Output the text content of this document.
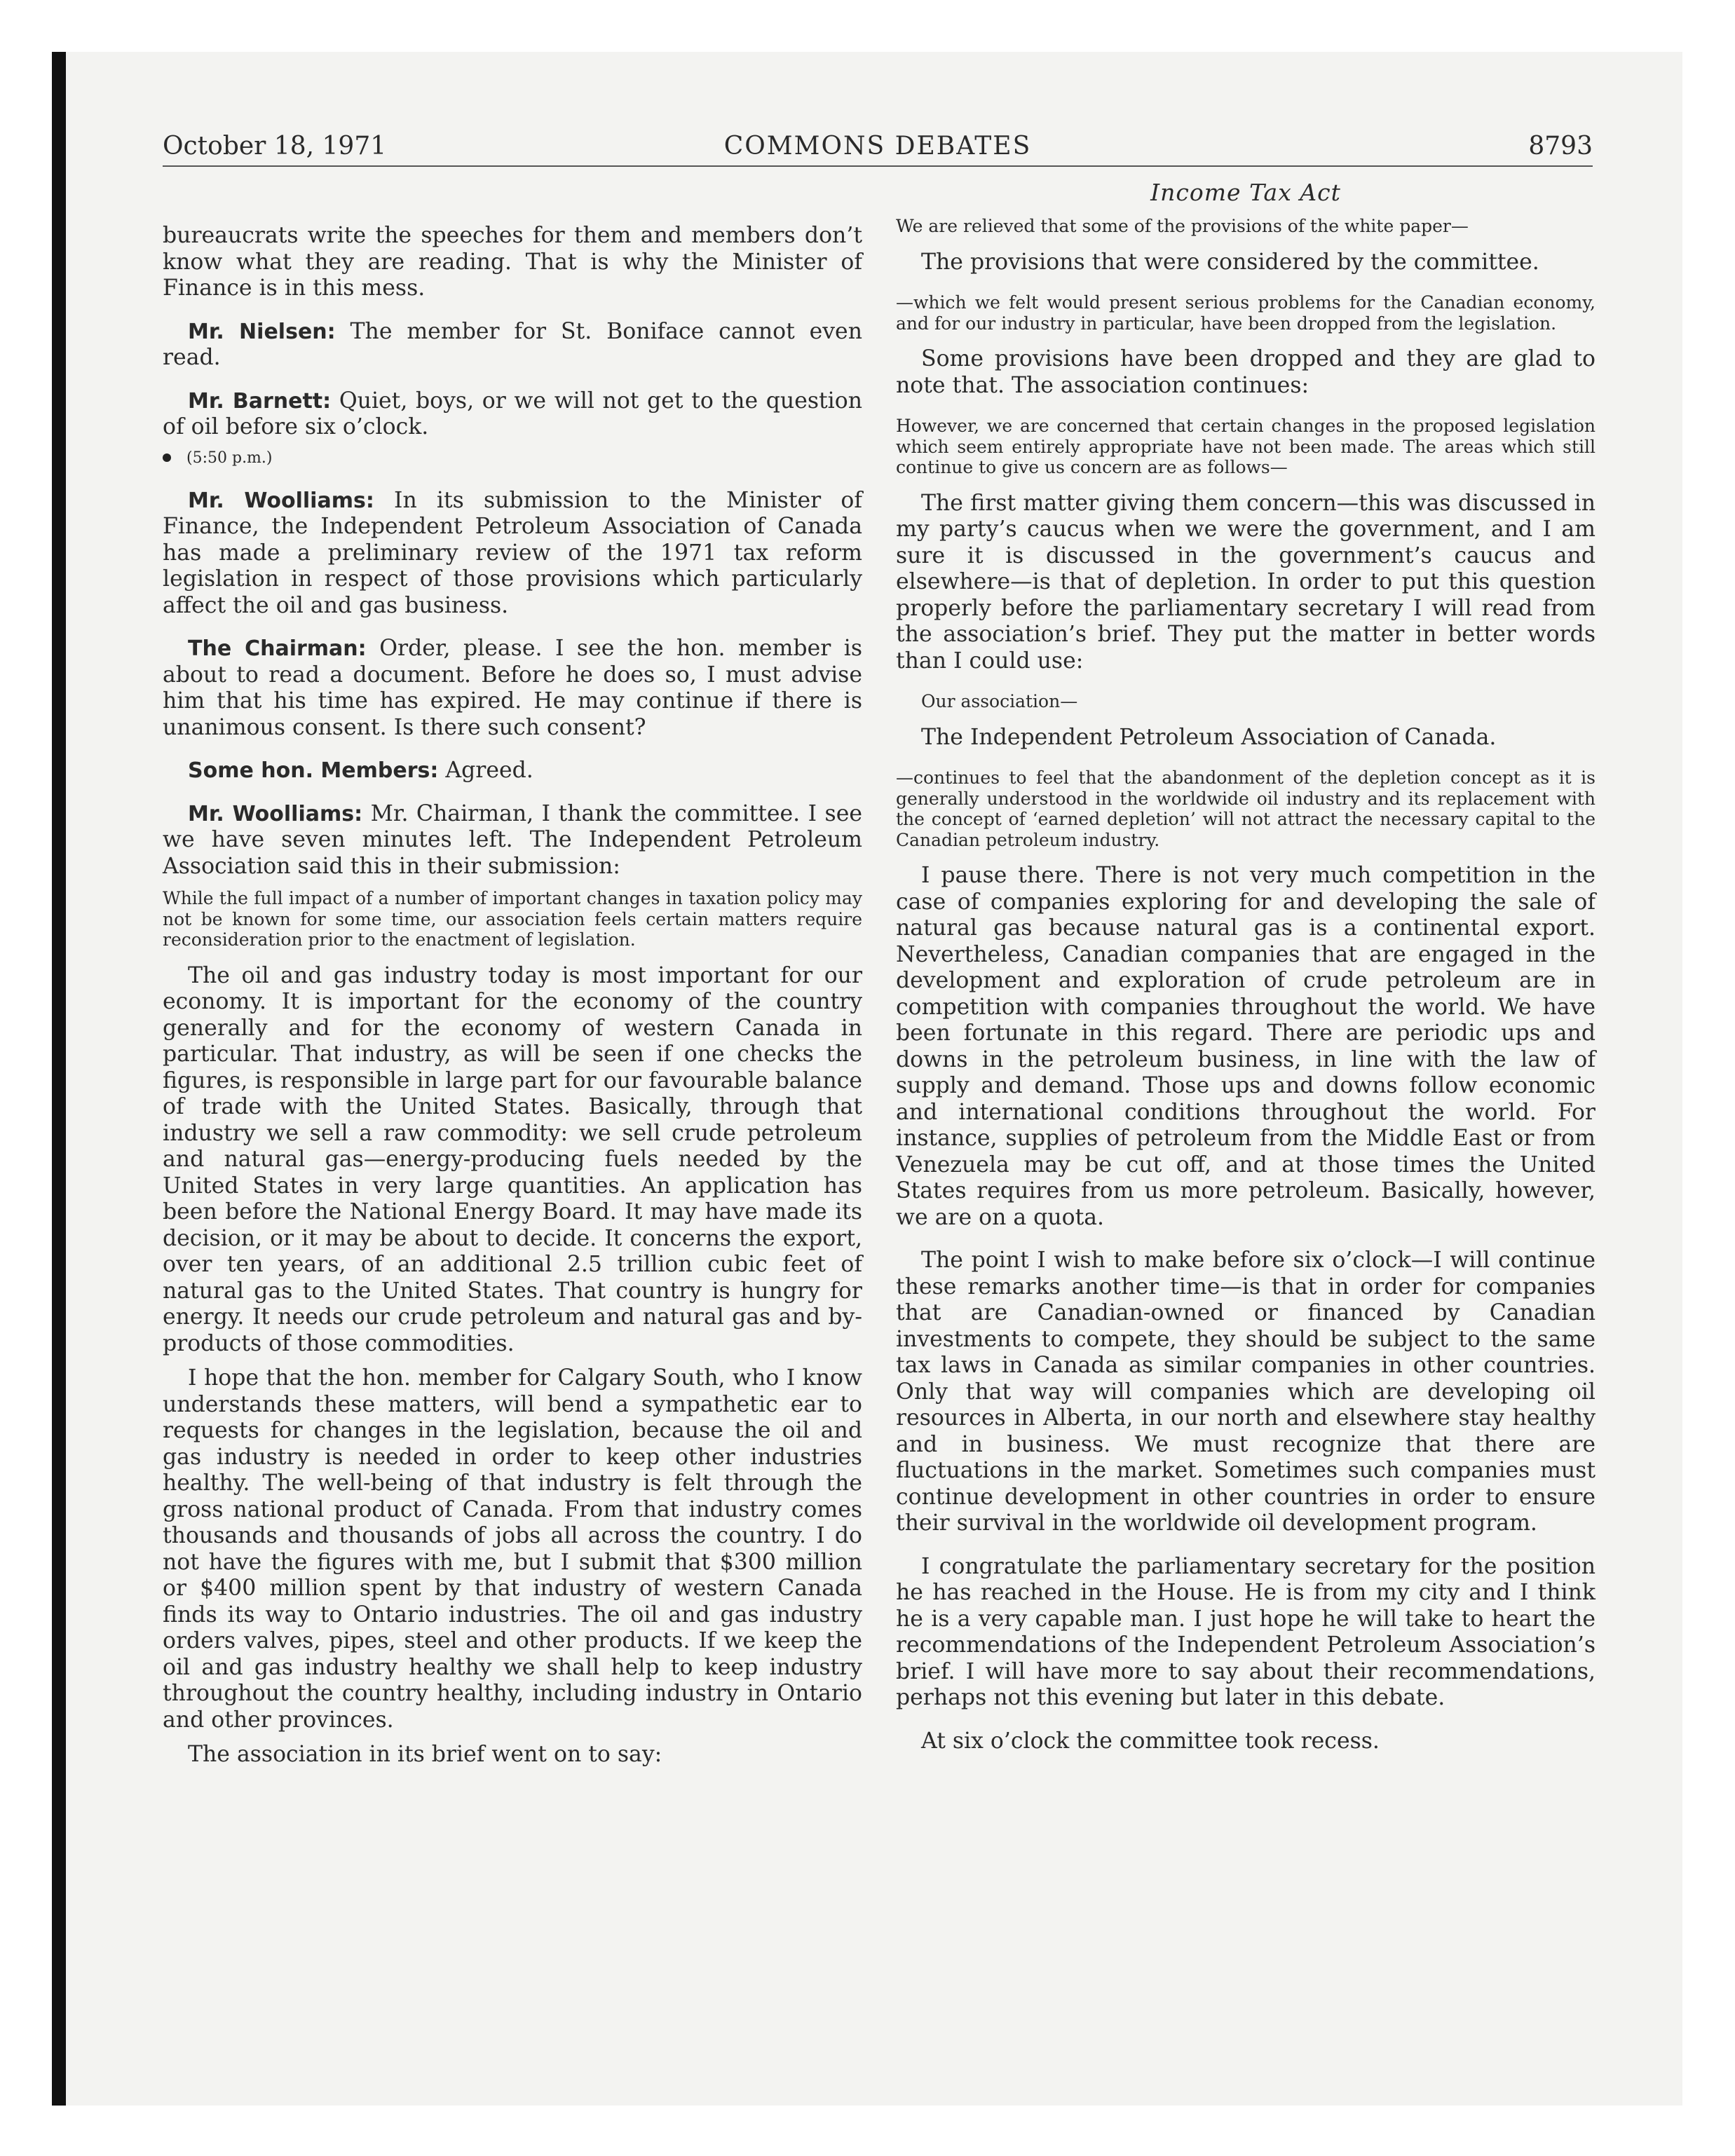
October 18, 1971	COMMONS DEBATES	8793

bureaucrats write the speeches for them and members don’t know what they are reading. That is why the Minister of Finance is in this mess.

Mr. Nielsen: The member for St. Boniface cannot even read.

Mr. Barnett: Quiet, boys, or we will not get to the question of oil before six o’clock.

(5:50 p.m.)

Mr. Woolliams: In its submission to the Minister of Finance, the Independent Petroleum Association of Canada has made a preliminary review of the 1971 tax reform legislation in respect of those provisions which particularly affect the oil and gas business.

The Chairman: Order, please. I see the hon. member is about to read a document. Before he does so, I must advise him that his time has expired. He may continue if there is unanimous consent. Is there such consent?

Some hon. Members: Agreed.

Mr. Woolliams: Mr. Chairman, I thank the committee. I see we have seven minutes left. The Independent Petroleum Association said this in their submission:

While the full impact of a number of important changes in taxation policy may not be known for some time, our association feels certain matters require reconsideration prior to the enactment of legislation.

The oil and gas industry today is most important for our economy. It is important for the economy of the country generally and for the economy of western Canada in particular. That industry, as will be seen if one checks the figures, is responsible in large part for our favourable balance of trade with the United States. Basically, through that industry we sell a raw commodity: we sell crude petroleum and natural gas—energy-producing fuels needed by the United States in very large quantities. An application has been before the National Energy Board. It may have made its decision, or it may be about to decide. It concerns the export, over ten years, of an additional 2.5 trillion cubic feet of natural gas to the United States. That country is hungry for energy. It needs our crude petroleum and natural gas and by-products of those commodities.

I hope that the hon. member for Calgary South, who I know understands these matters, will bend a sympathetic ear to requests for changes in the legislation, because the oil and gas industry is needed in order to keep other industries healthy. The well-being of that industry is felt through the gross national product of Canada. From that industry comes thousands and thousands of jobs all across the country. I do not have the figures with me, but I submit that $300 million or $400 million spent by that industry of western Canada finds its way to Ontario industries. The oil and gas industry orders valves, pipes, steel and other products. If we keep the oil and gas industry healthy we shall help to keep industry throughout the country healthy, including industry in Ontario and other provinces.

The association in its brief went on to say:

Income Tax Act

We are relieved that some of the provisions of the white paper—

The provisions that were considered by the committee.

—which we felt would present serious problems for the Canadian economy, and for our industry in particular, have been dropped from the legislation.

Some provisions have been dropped and they are glad to note that. The association continues:

However, we are concerned that certain changes in the proposed legislation which seem entirely appropriate have not been made. The areas which still continue to give us concern are as follows—

The first matter giving them concern—this was discussed in my party’s caucus when we were the government, and I am sure it is discussed in the government’s caucus and elsewhere—is that of depletion. In order to put this question properly before the parliamentary secretary I will read from the association’s brief. They put the matter in better words than I could use:

Our association—

The Independent Petroleum Association of Canada.

—continues to feel that the abandonment of the depletion concept as it is generally understood in the worldwide oil industry and its replacement with the concept of ‘earned depletion’ will not attract the necessary capital to the Canadian petroleum industry.

I pause there. There is not very much competition in the case of companies exploring for and developing the sale of natural gas because natural gas is a continental export. Nevertheless, Canadian companies that are engaged in the development and exploration of crude petroleum are in competition with companies throughout the world. We have been fortunate in this regard. There are periodic ups and downs in the petroleum business, in line with the law of supply and demand. Those ups and downs follow economic and international conditions throughout the world. For instance, supplies of petroleum from the Middle East or from Venezuela may be cut off, and at those times the United States requires from us more petroleum. Basically, however, we are on a quota.

The point I wish to make before six o’clock—I will continue these remarks another time—is that in order for companies that are Canadian-owned or financed by Canadian investments to compete, they should be subject to the same tax laws in Canada as similar companies in other countries. Only that way will companies which are developing oil resources in Alberta, in our north and elsewhere stay healthy and in business. We must recognize that there are fluctuations in the market. Sometimes such companies must continue development in other countries in order to ensure their survival in the worldwide oil development program.

I congratulate the parliamentary secretary for the position he has reached in the House. He is from my city and I think he is a very capable man. I just hope he will take to heart the recommendations of the Independent Petroleum Association’s brief. I will have more to say about their recommendations, perhaps not this evening but later in this debate.

At six o’clock the committee took recess.
